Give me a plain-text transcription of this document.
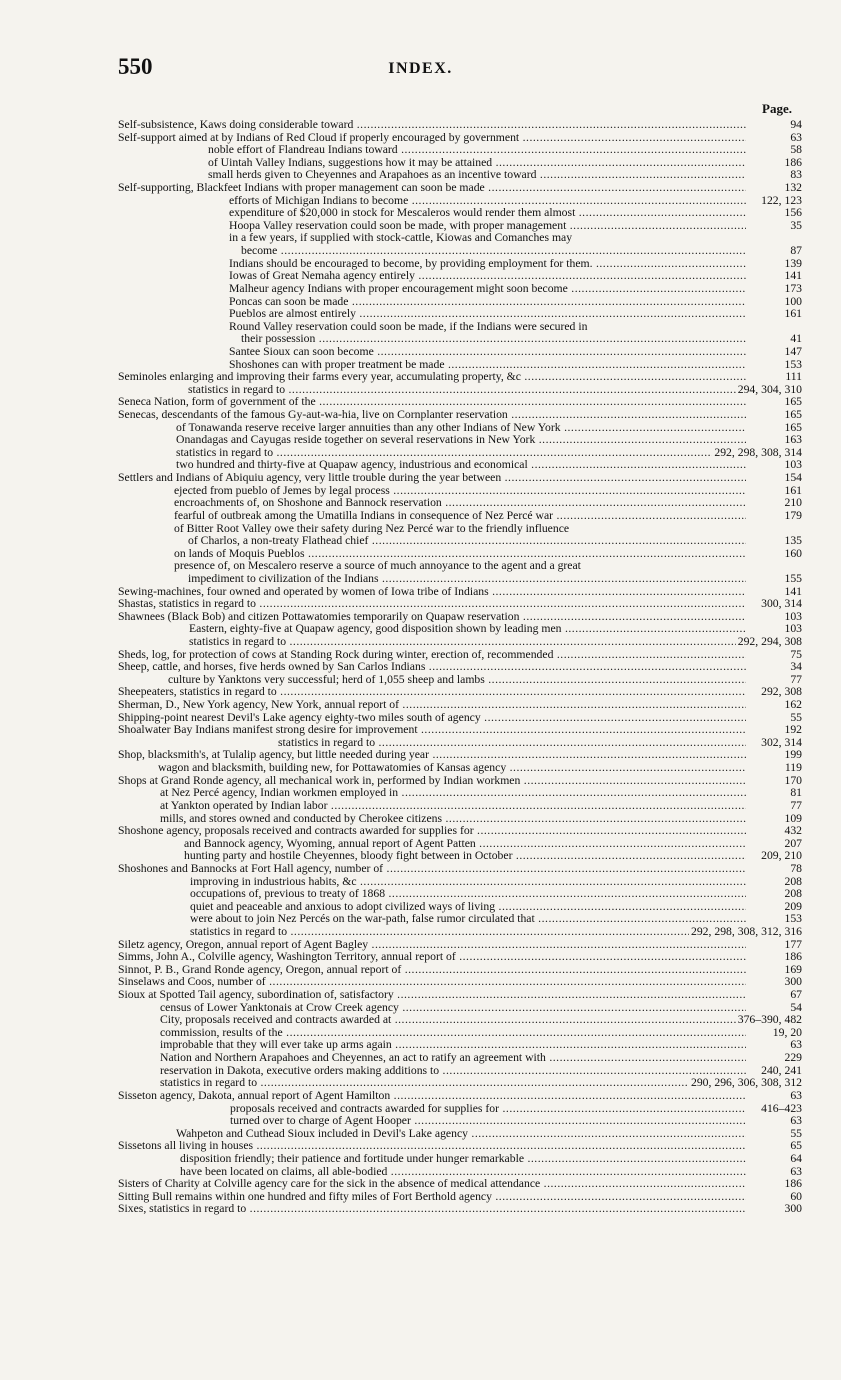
550	INDEX.
Page.
Self-subsistence, Kaws doing considerable toward .....	94
Self-support aimed at by Indians of Red Cloud if properly encouraged by government .....	63
noble effort of Flandreau Indians toward .....	58
of Uintah Valley Indians, suggestions how it may be attained .....	186
small herds given to Cheyennes and Arapahoes as an incentive toward .....	83
Self-supporting, Blackfeet Indians with proper management can soon be made .....	132
efforts of Michigan Indians to become .....	122, 123
expenditure of $20,000 in stock for Mescaleros would render them almost .....	156
Hoopa Valley reservation could soon be made, with proper management .....	35
in a few years, if supplied with stock-cattle, Kiowas and Comanches may
become .....	87
Indians should be encouraged to become, by providing employment for them. .....	139
Iowas of Great Nemaha agency entirely .....	141
Malheur agency Indians with proper encouragement might soon become .....	173
Poncas can soon be made .....	100
Pueblos are almost entirely .....	161
Round Valley reservation could soon be made, if the Indians were secured in
their possession .....	41
Santee Sioux can soon become .....	147
Shoshones can with proper treatment be made .....	153
Seminoles enlarging and improving their farms every year, accumulating property, &c .....	111
statistics in regard to .....	294, 304, 310
Seneca Nation, form of government of the .....	165
Senecas, descendants of the famous Gy-aut-wa-hia, live on Cornplanter reservation .....	165
of Tonawanda reserve receive larger annuities than any other Indians of New York .....	165
Onandagas and Cayugas reside together on several reservations in New York .....	163
statistics in regard to .....	292, 298, 308, 314
two hundred and thirty-five at Quapaw agency, industrious and economical .....	103
Settlers and Indians of Abiquiu agency, very little trouble during the year between .....	154
ejected from pueblo of Jemes by legal process .....	161
encroachments of, on Shoshone and Bannock reservation .....	210
fearful of outbreak among the Umatilla Indians in consequence of Nez Percé war .....	179
of Bitter Root Valley owe their safety during Nez Percé war to the friendly influence
of Charlos, a non-treaty Flathead chief .....	135
on lands of Moquis Pueblos .....	160
presence of, on Mescalero reserve a source of much annoyance to the agent and a great
impediment to civilization of the Indians .....	155
Sewing-machines, four owned and operated by women of Iowa tribe of Indians .....	141
Shastas, statistics in regard to .....	300, 314
Shawnees (Black Bob) and citizen Pottawatomies temporarily on Quapaw reservation .....	103
Eastern, eighty-five at Quapaw agency, good disposition shown by leading men .....	103
statistics in regard to .....	292, 294, 308
Sheds, log, for protection of cows at Standing Rock during winter, erection of, recommended .....	75
Sheep, cattle, and horses, five herds owned by San Carlos Indians .....	34
culture by Yanktons very successful; herd of 1,055 sheep and lambs .....	77
Sheepeaters, statistics in regard to .....	292, 308
Sherman, D., New York agency, New York, annual report of .....	162
Shipping-point nearest Devil's Lake agency eighty-two miles south of agency .....	55
Shoalwater Bay Indians manifest strong desire for improvement .....	192
statistics in regard to .....	302, 314
Shop, blacksmith's, at Tulalip agency, but little needed during year .....	199
wagon and blacksmith, building new, for Pottawatomies of Kansas agency .....	119
Shops at Grand Ronde agency, all mechanical work in, performed by Indian workmen .....	170
at Nez Percé agency, Indian workmen employed in .....	81
at Yankton operated by Indian labor .....	77
mills, and stores owned and conducted by Cherokee citizens .....	109
Shoshone agency, proposals received and contracts awarded for supplies for .....	432
and Bannock agency, Wyoming, annual report of Agent Patten .....	207
hunting party and hostile Cheyennes, bloody fight between in October .....	209, 210
Shoshones and Bannocks at Fort Hall agency, number of .....	78
improving in industrious habits, &c .....	208
occupations of, previous to treaty of 1868 .....	208
quiet and peaceable and anxious to adopt civilized ways of living .....	209
were about to join Nez Percés on the war-path, false rumor circulated that .....	153
statistics in regard to .....	292, 298, 308, 312, 316
Siletz agency, Oregon, annual report of Agent Bagley .....	177
Simms, John A., Colville agency, Washington Territory, annual report of .....	186
Sinnot, P. B., Grand Ronde agency, Oregon, annual report of .....	169
Sinselaws and Coos, number of .....	300
Sioux at Spotted Tail agency, subordination of, satisfactory .....	67
census of Lower Yanktonais at Crow Creek agency .....	54
City, proposals received and contracts awarded at .....	376–390, 482
commission, results of the .....	19, 20
improbable that they will ever take up arms again .....	63
Nation and Northern Arapahoes and Cheyennes, an act to ratify an agreement with .....	229
reservation in Dakota, executive orders making additions to .....	240, 241
statistics in regard to .....	290, 296, 306, 308, 312
Sisseton agency, Dakota, annual report of Agent Hamilton .....	63
proposals received and contracts awarded for supplies for .....	416–423
turned over to charge of Agent Hooper .....	63
Wahpeton and Cuthead Sioux included in Devil's Lake agency .....	55
Sissetons all living in houses .....	65
disposition friendly; their patience and fortitude under hunger remarkable .....	64
have been located on claims, all able-bodied .....	63
Sisters of Charity at Colville agency care for the sick in the absence of medical attendance .....	186
Sitting Bull remains within one hundred and fifty miles of Fort Berthold agency .....	60
Sixes, statistics in regard to .....	300
